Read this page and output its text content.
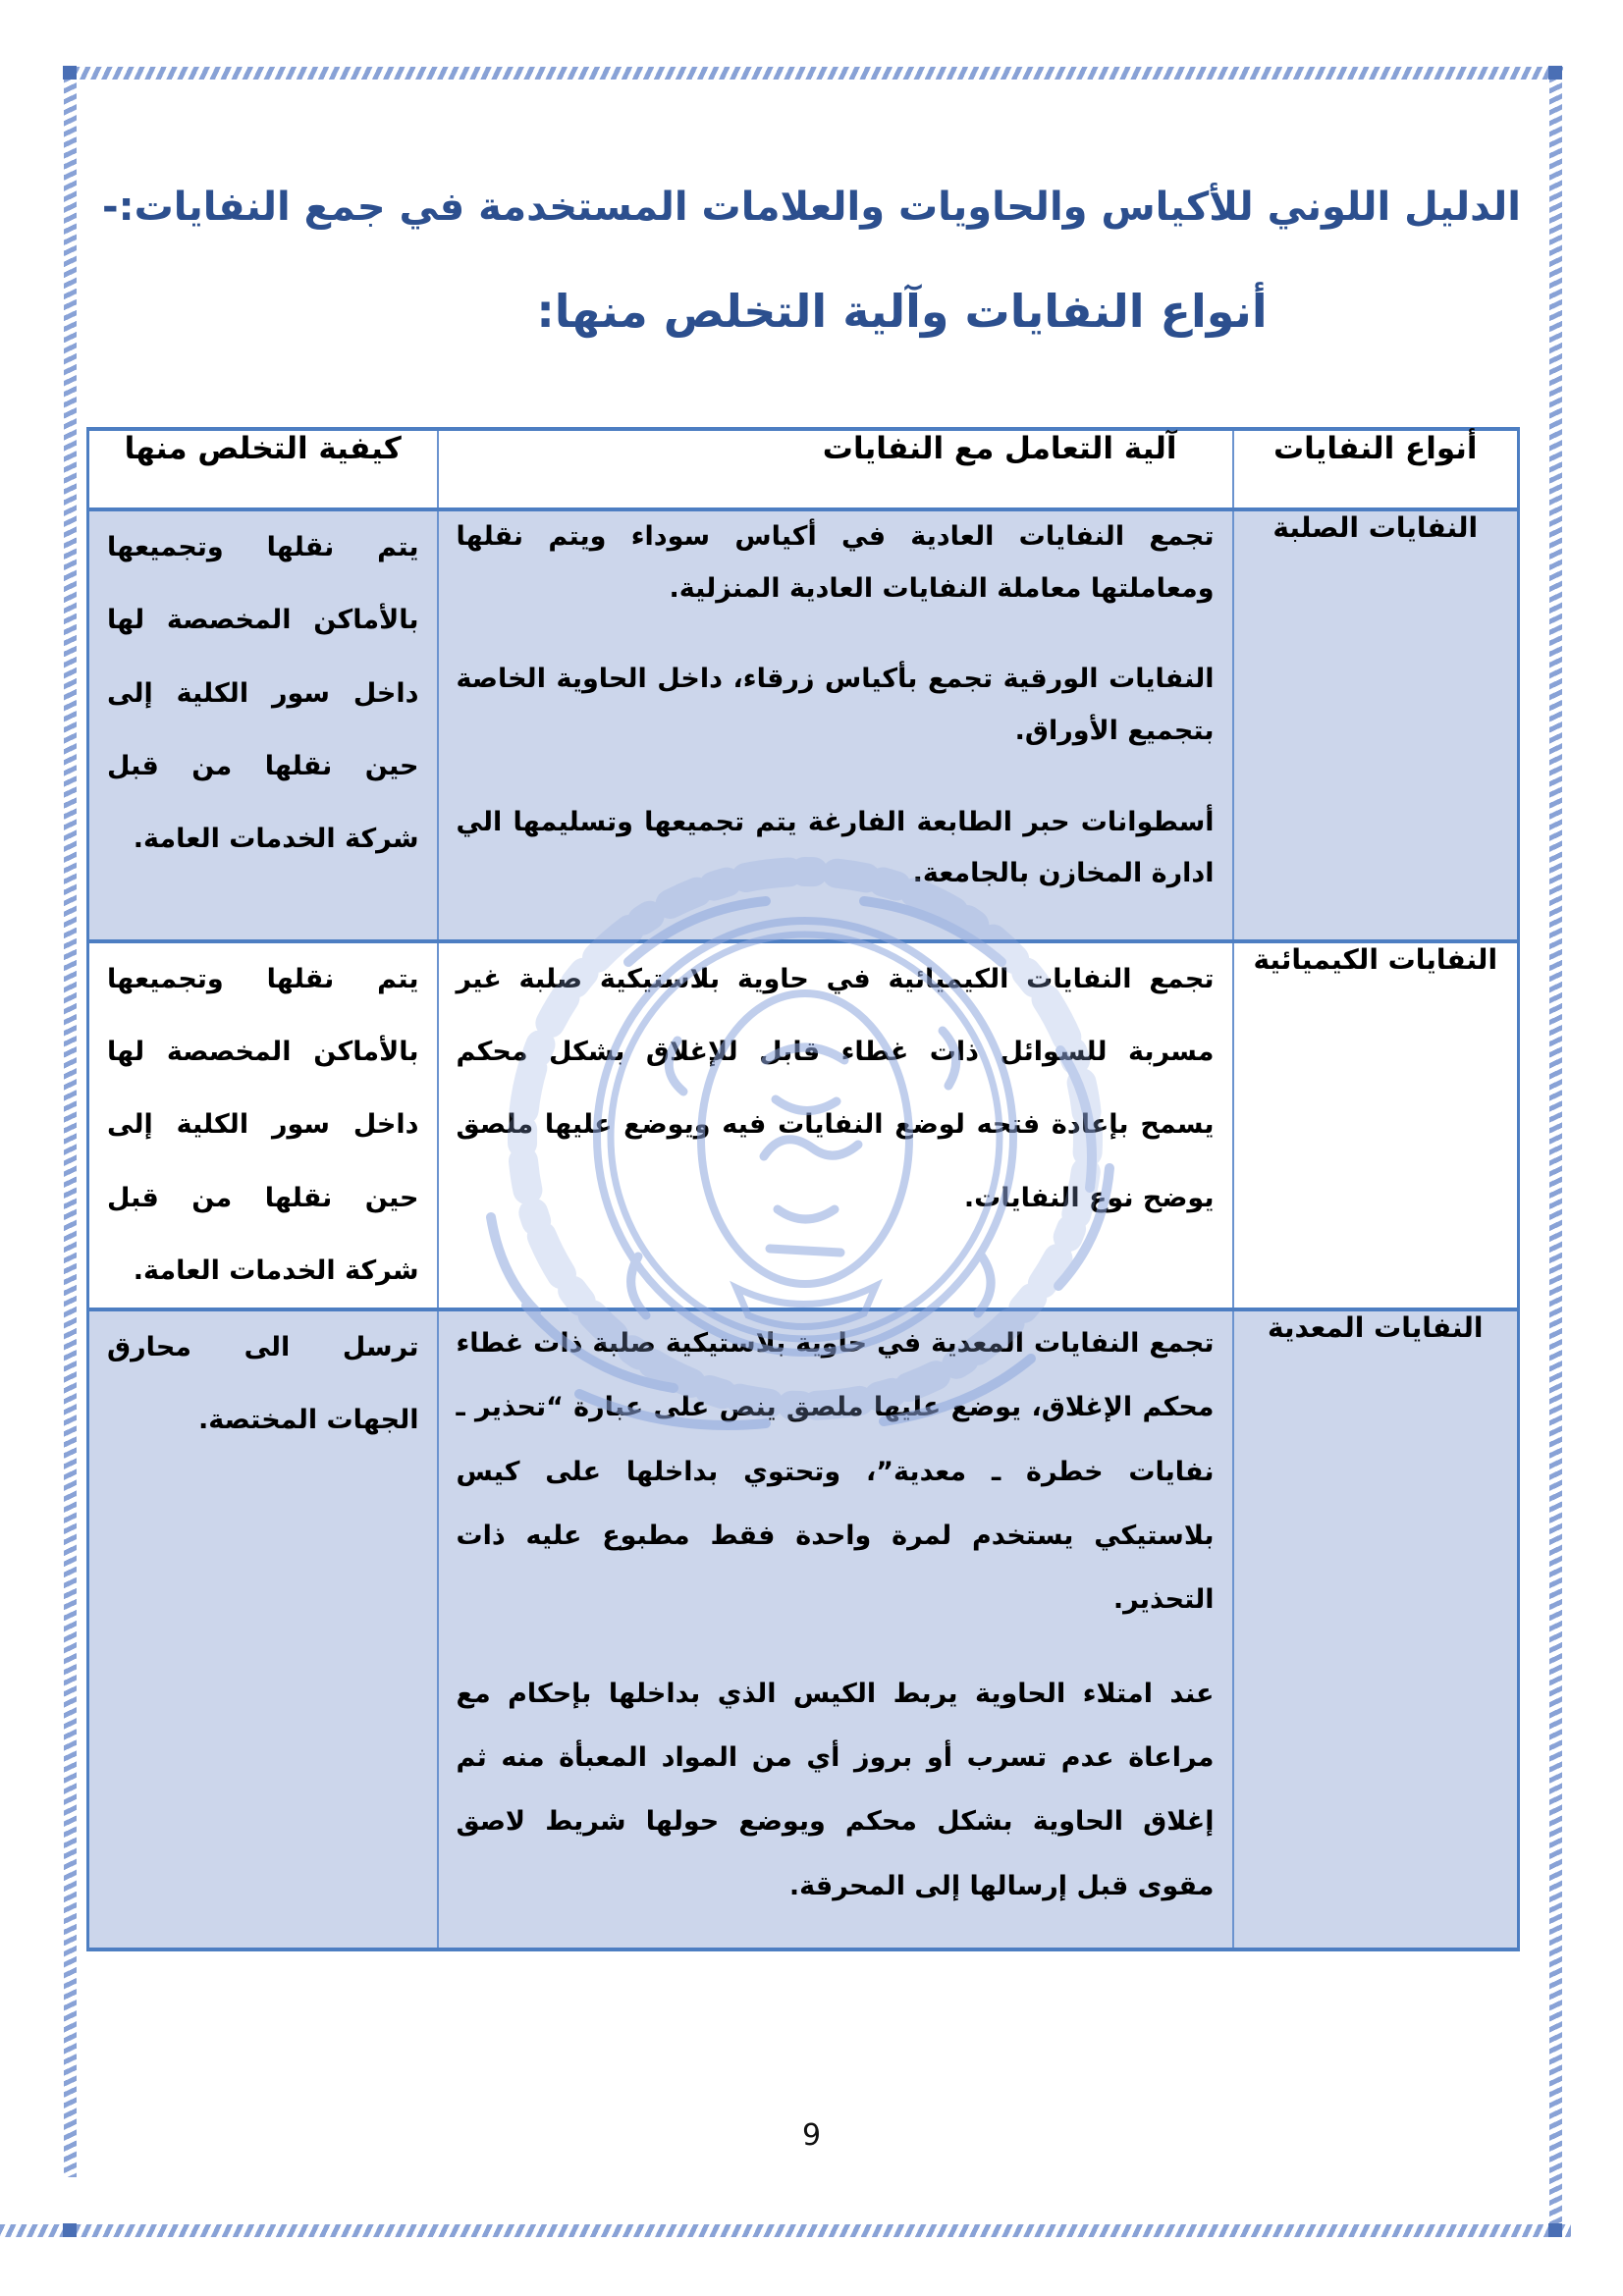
الدليل اللوني للأكياس والحاويات والعلامات المستخدمة في جمع النفايات:-
أنواع النفايات وآلية التخلص منها:
أنواع النفايات	آلية التعامل مع النفايات	كيفية التخلص منها
النفايات الصلبة	تجمع النفايات العادية في أكياس سوداء ويتم نقلها ومعاملتها معاملة النفايات العادية المنزلية.

النفايات الورقية تجمع بأكياس زرقاء، داخل الحاوية الخاصة بتجميع الأوراق.

أسطوانات حبر الطابعة الفارغة يتم تجميعها وتسليمها الي ادارة المخازن بالجامعة.	يتم نقلها وتجميعها بالأماكن المخصصة لها داخل سور الكلية إلى حين نقلها من قبل شركة الخدمات العامة.
النفايات الكيميائية	تجمع النفايات الكيميائية في حاوية بلاستيكية صلبة غير مسربة للسوائل ذات غطاء قابل للإغلاق بشكل محكم يسمح بإعادة فتحه لوضع النفايات فيه ويوضع عليها ملصق يوضح نوع النفايات.	يتم نقلها وتجميعها بالأماكن المخصصة لها داخل سور الكلية إلى حين نقلها من قبل شركة الخدمات العامة.
النفايات المعدية	تجمع النفايات المعدية في حاوية بلاستيكية صلبة ذات غطاء محكم الإغلاق، يوضع عليها ملصق ينص على عبارة “تحذير ـ نفايات خطرة ـ معدية”، وتحتوي بداخلها على كيس بلاستيكي يستخدم لمرة واحدة فقط مطبوع عليه ذات التحذير.

عند امتلاء الحاوية يربط الكيس الذي بداخلها بإحكام مع مراعاة عدم تسرب أو بروز أي من المواد المعبأة منه ثم إغلاق الحاوية بشكل محكم ويوضع حولها شريط لاصق مقوى قبل إرسالها إلى المحرقة.	ترسل الى محارق الجهات المختصة.
9
